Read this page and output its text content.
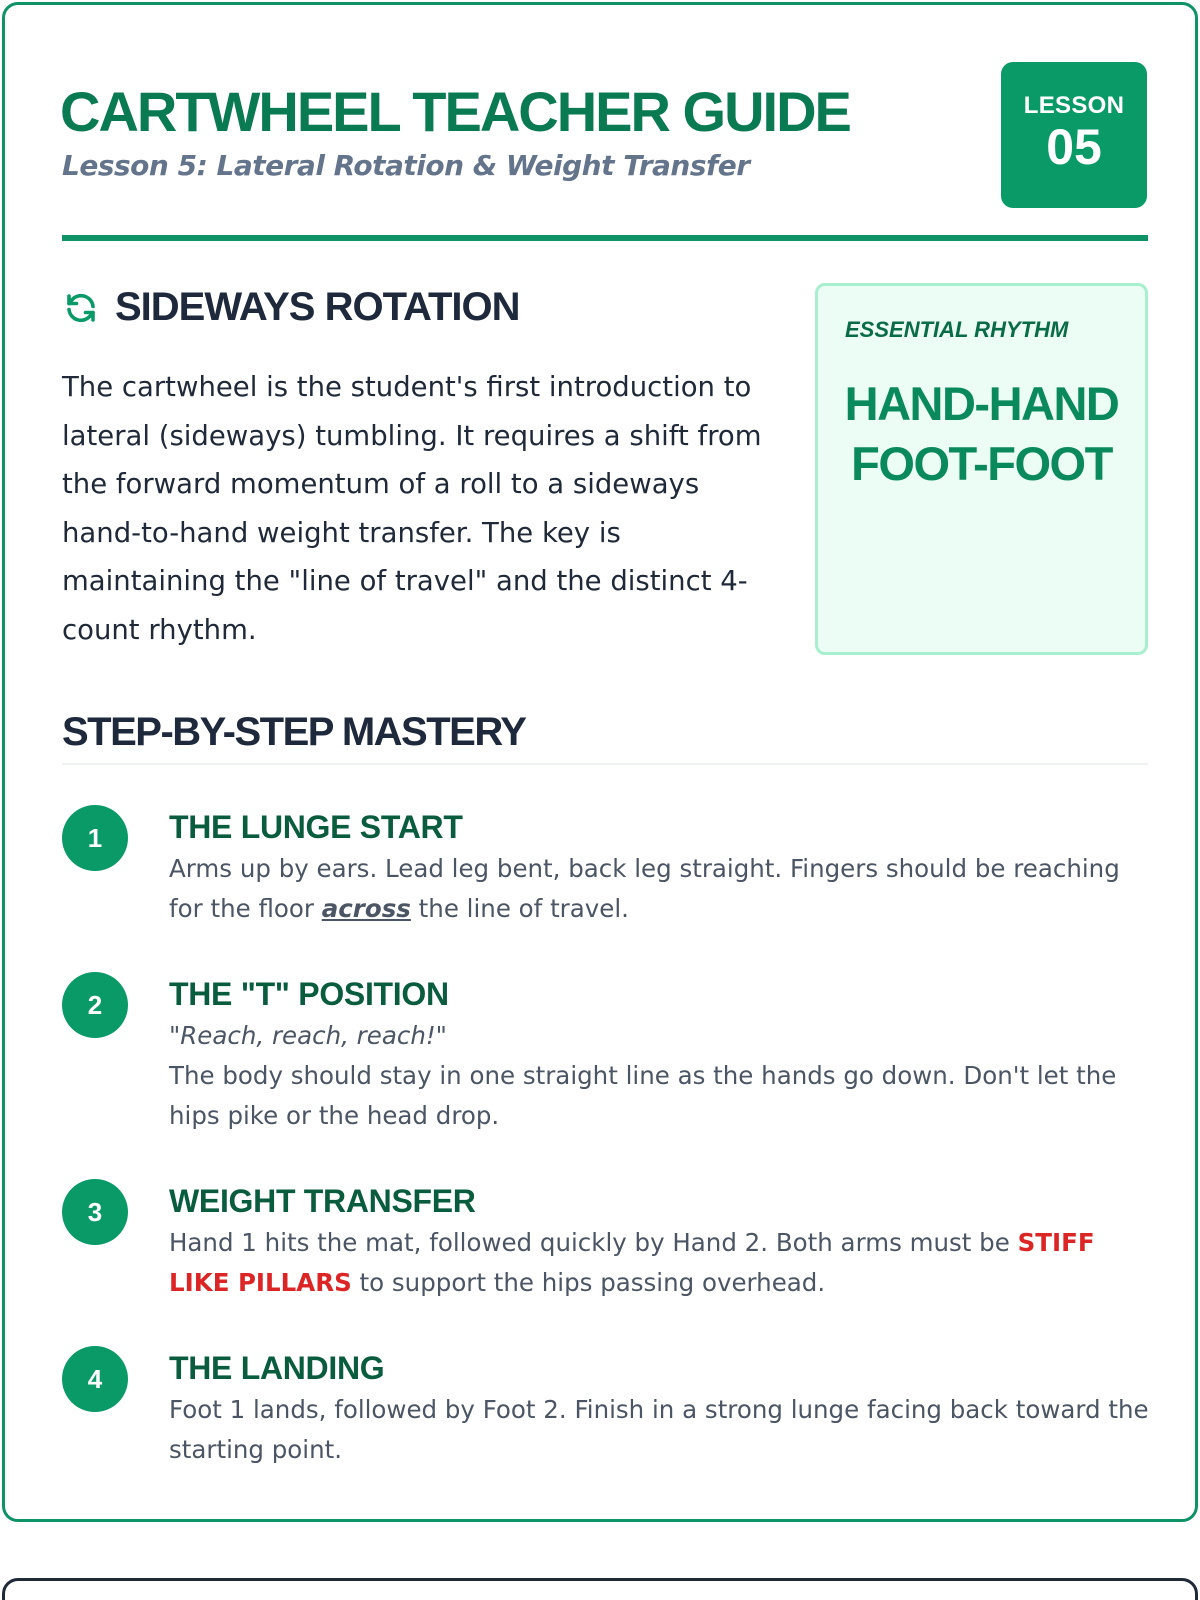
CARTWHEEL TEACHER GUIDE
Lesson 5: Lateral Rotation & Weight Transfer
LESSON
05
SIDEWAYS ROTATION

The cartwheel is the student's first introduction to lateral (sideways) tumbling. It requires a shift from the forward momentum of a roll to a sideways hand-to-hand weight transfer. The key is maintaining the "line of travel" and the distinct 4-count rhythm.

ESSENTIAL RHYTHM
HAND-HAND FOOT-FOOT
STEP-BY-STEP MASTERY
1	THE LUNGE START

Arms up by ears. Lead leg bent, back leg straight. Fingers should be reaching for the floor across the line of travel.

2	THE "T" POSITION

"Reach, reach, reach!"

The body should stay in one straight line as the hands go down. Don't let the hips pike or the head drop.

3	WEIGHT TRANSFER

Hand 1 hits the mat, followed quickly by Hand 2. Both arms must be STIFF LIKE PILLARS to support the hips passing overhead.

4	THE LANDING

Foot 1 lands, followed by Foot 2. Finish in a strong lunge facing back toward the starting point.
